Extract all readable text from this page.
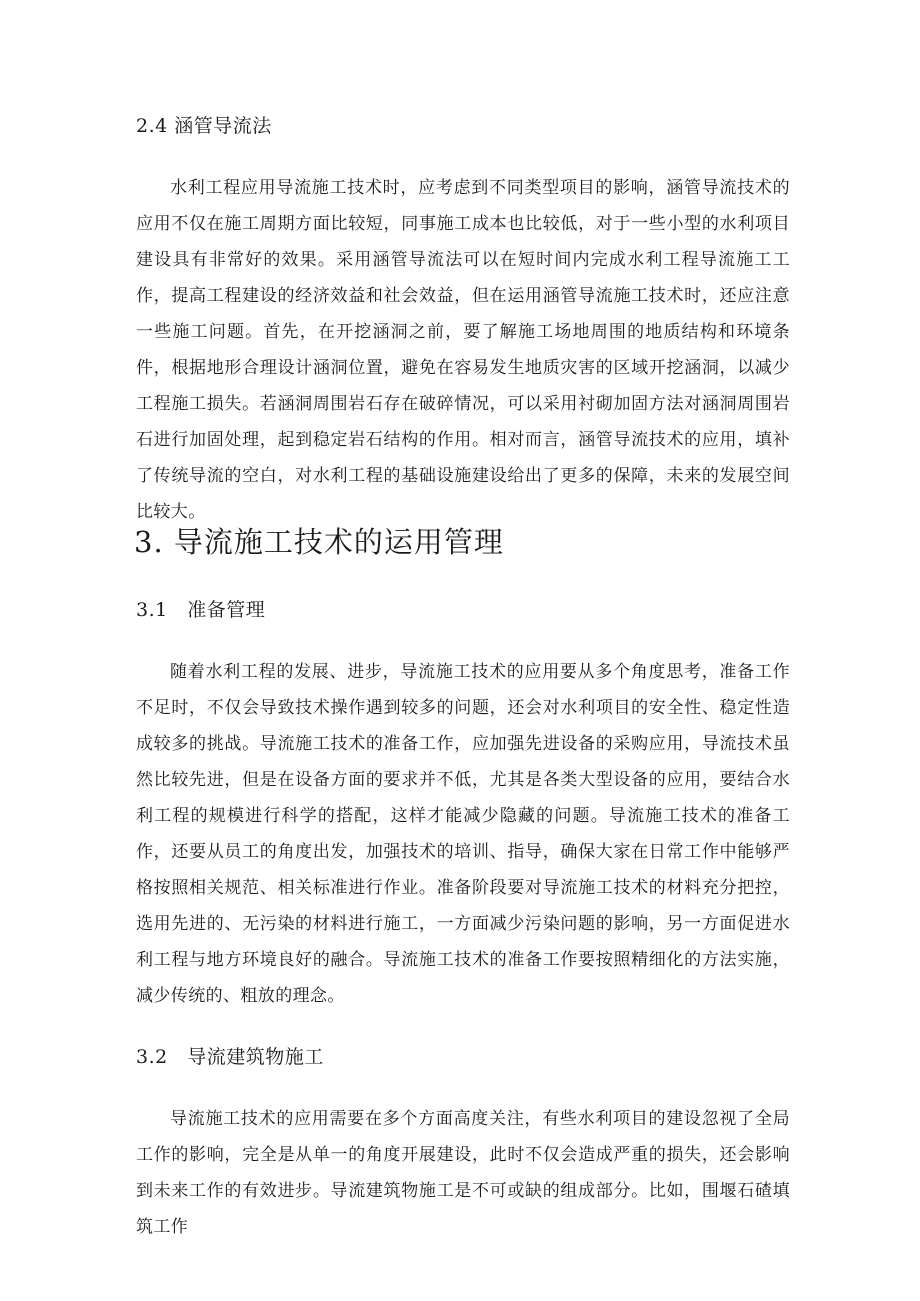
2.4 涵管导流法

水利工程应用导流施工技术时，应考虑到不同类型项目的影响，涵管导流技术的应用不仅在施工周期方面比较短，同事施工成本也比较低，对于一些小型的水利项目建设具有非常好的效果。采用涵管导流法可以在短时间内完成水利工程导流施工工作，提高工程建设的经济效益和社会效益，但在运用涵管导流施工技术时，还应注意一些施工问题。首先，在开挖涵洞之前，要了解施工场地周围的地质结构和环境条件，根据地形合理设计涵洞位置，避免在容易发生地质灾害的区域开挖涵洞，以减少工程施工损失。若涵洞周围岩石存在破碎情况，可以采用衬砌加固方法对涵洞周围岩石进行加固处理，起到稳定岩石结构的作用。相对而言，涵管导流技术的应用，填补了传统导流的空白，对水利工程的基础设施建设给出了更多的保障，未来的发展空间比较大。

3. 导流施工技术的运用管理
3.1　准备管理

随着水利工程的发展、进步，导流施工技术的应用要从多个角度思考，准备工作不足时，不仅会导致技术操作遇到较多的问题，还会对水利项目的安全性、稳定性造成较多的挑战。导流施工技术的准备工作，应加强先进设备的采购应用，导流技术虽然比较先进，但是在设备方面的要求并不低，尤其是各类大型设备的应用，要结合水利工程的规模进行科学的搭配，这样才能减少隐藏的问题。导流施工技术的准备工作，还要从员工的角度出发，加强技术的培训、指导，确保大家在日常工作中能够严格按照相关规范、相关标准进行作业。准备阶段要对导流施工技术的材料充分把控，选用先进的、无污染的材料进行施工，一方面减少污染问题的影响，另一方面促进水利工程与地方环境良好的融合。导流施工技术的准备工作要按照精细化的方法实施，减少传统的、粗放的理念。

3.2　导流建筑物施工

导流施工技术的应用需要在多个方面高度关注，有些水利项目的建设忽视了全局工作的影响，完全是从单一的角度开展建设，此时不仅会造成严重的损失，还会影响到未来工作的有效进步。导流建筑物施工是不可或缺的组成部分。比如，围堰石碴填筑工作
